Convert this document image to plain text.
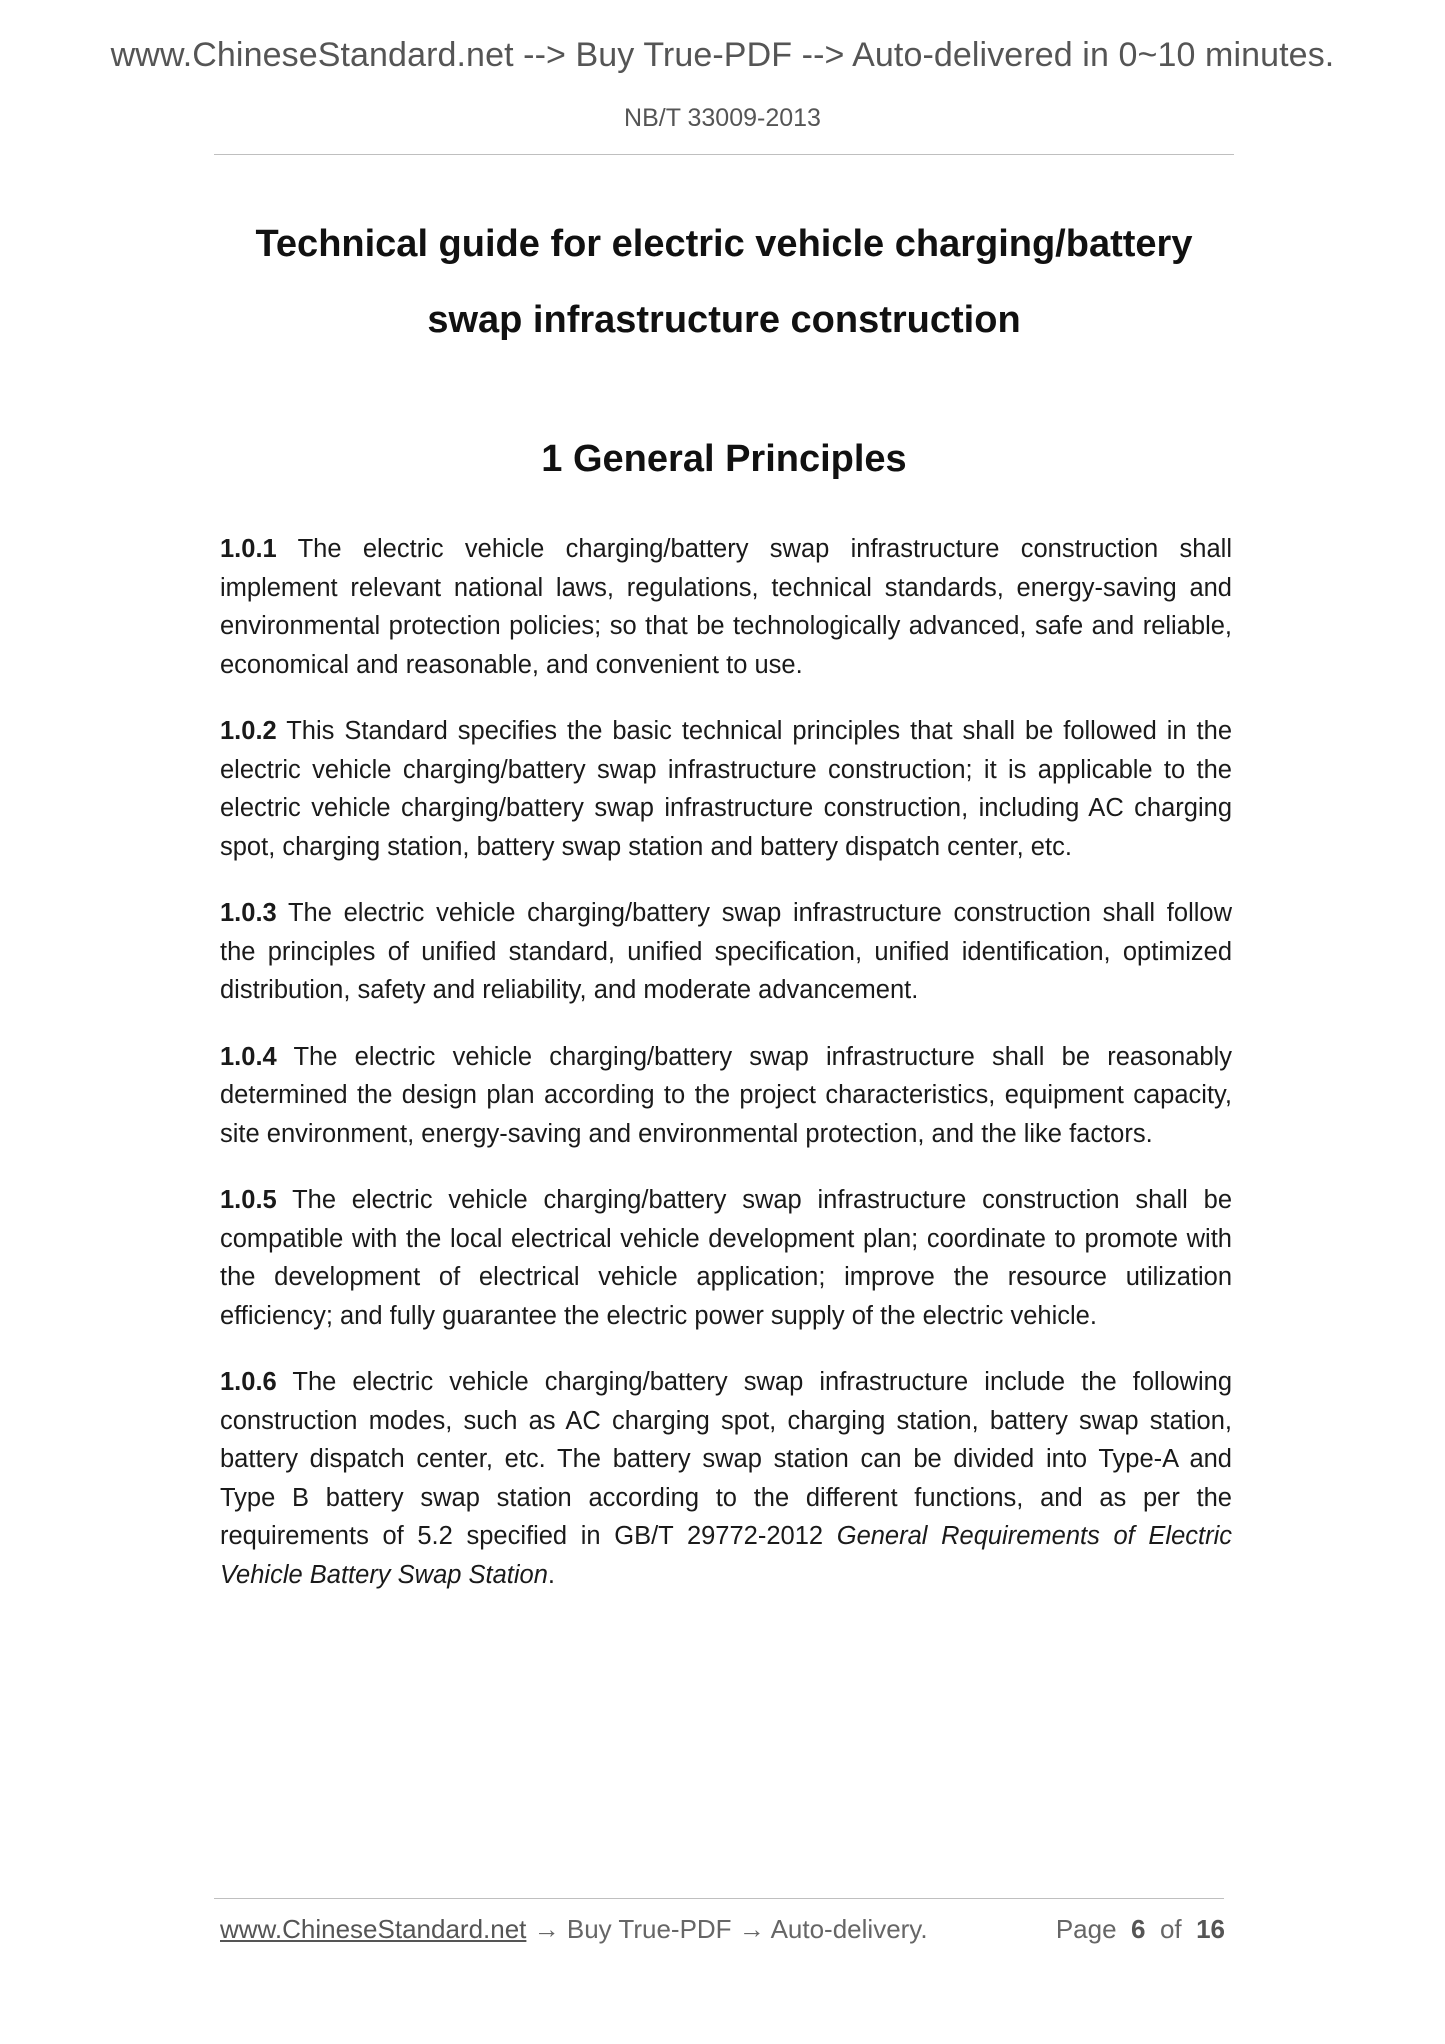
www.ChineseStandard.net --> Buy True-PDF --> Auto-delivered in 0~10 minutes.
NB/T 33009-2013
Technical guide for electric vehicle charging/battery
swap infrastructure construction
1 General Principles

1.0.1 The electric vehicle charging/battery swap infrastructure construction shall implement relevant national laws, regulations, technical standards, energy-saving and environmental protection policies; so that be technologically advanced, safe and reliable, economical and reasonable, and convenient to use.

1.0.2 This Standard specifies the basic technical principles that shall be followed in the electric vehicle charging/battery swap infrastructure construction; it is applicable to the electric vehicle charging/battery swap infrastructure construction, including AC charging spot, charging station, battery swap station and battery dispatch center, etc.

1.0.3 The electric vehicle charging/battery swap infrastructure construction shall follow the principles of unified standard, unified specification, unified identification, optimized distribution, safety and reliability, and moderate advancement.

1.0.4 The electric vehicle charging/battery swap infrastructure shall be reasonably determined the design plan according to the project characteristics, equipment capacity, site environment, energy-saving and environmental protection, and the like factors.

1.0.5 The electric vehicle charging/battery swap infrastructure construction shall be compatible with the local electrical vehicle development plan; coordinate to promote with the development of electrical vehicle application; improve the resource utilization efficiency; and fully guarantee the electric power supply of the electric vehicle.

1.0.6 The electric vehicle charging/battery swap infrastructure include the following construction modes, such as AC charging spot, charging station, battery swap station, battery dispatch center, etc. The battery swap station can be divided into Type-A and Type B battery swap station according to the different functions, and as per the requirements of 5.2 specified in GB/T 29772-2012 General Requirements of Electric Vehicle Battery Swap Station.

www.ChineseStandard.net → Buy True-PDF → Auto-delivery.	Page 6 of 16
